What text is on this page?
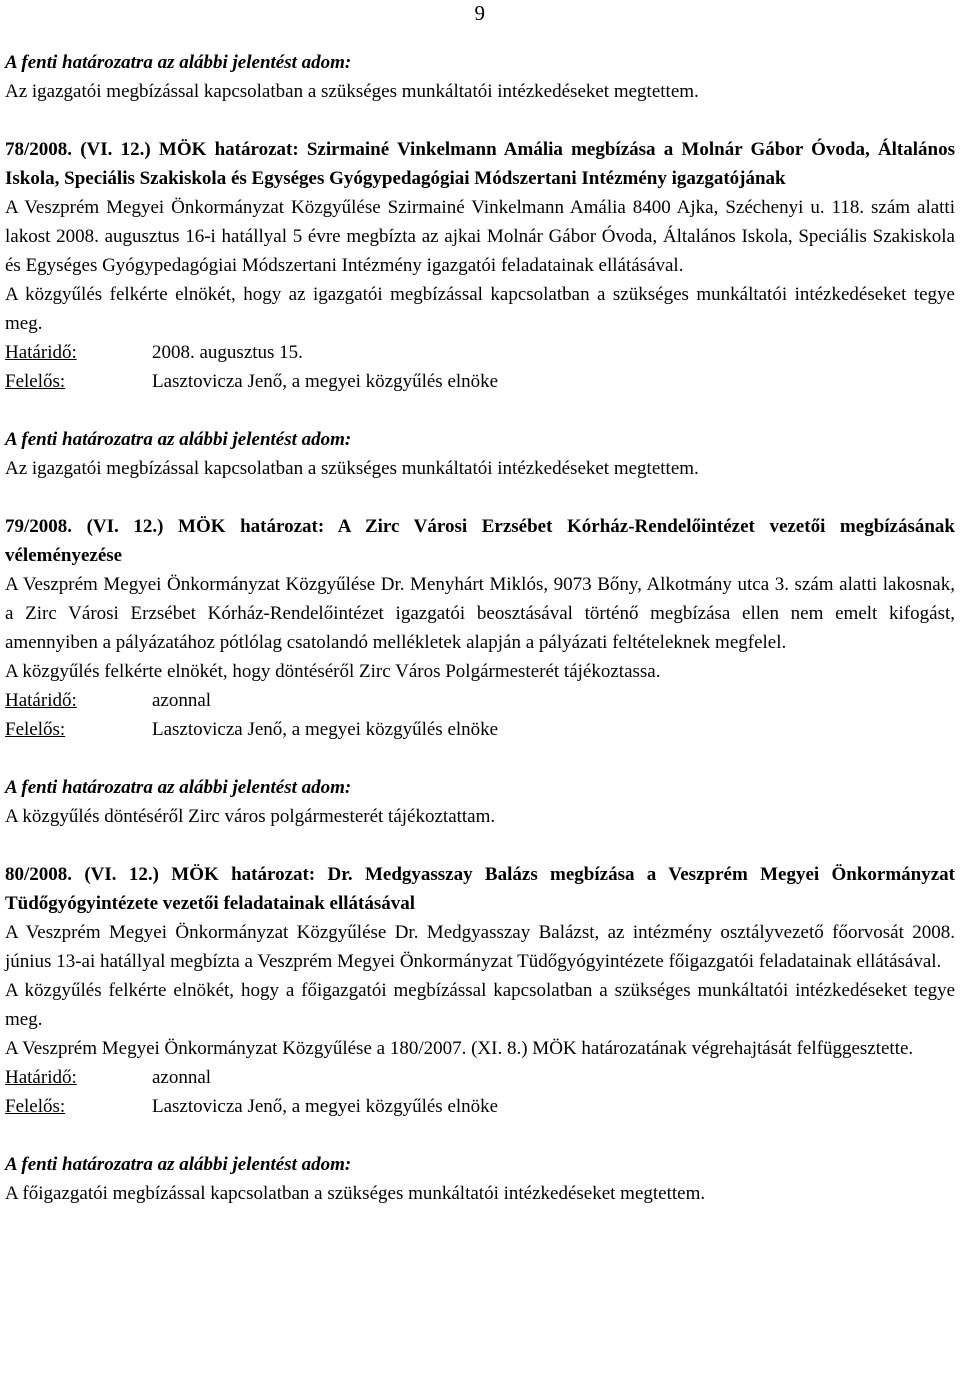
9
A fenti határozatra az alábbi jelentést adom:
Az igazgatói megbízással kapcsolatban a szükséges munkáltatói intézkedéseket megtettem.
78/2008. (VI. 12.) MÖK határozat: Szirmainé Vinkelmann Amália megbízása a Molnár Gábor Óvoda, Általános Iskola, Speciális Szakiskola és Egységes Gyógypedagógiai Módszertani Intézmény igazgatójának
A Veszprém Megyei Önkormányzat Közgyűlése Szirmainé Vinkelmann Amália 8400 Ajka, Széchenyi u. 118. szám alatti lakost 2008. augusztus 16-i hatállyal 5 évre megbízta az ajkai Molnár Gábor Óvoda, Általános Iskola, Speciális Szakiskola és Egységes Gyógypedagógiai Módszertani Intézmény igazgatói feladatainak ellátásával.
A közgyűlés felkérte elnökét, hogy az igazgatói megbízással kapcsolatban a szükséges munkáltatói intézkedéseket tegye meg.
Határidő:	2008. augusztus 15.
Felelős:	Lasztovicza Jenő, a megyei közgyűlés elnöke
A fenti határozatra az alábbi jelentést adom:
Az igazgatói megbízással kapcsolatban a szükséges munkáltatói intézkedéseket megtettem.
79/2008. (VI. 12.) MÖK határozat: A Zirc Városi Erzsébet Kórház-Rendelőintézet vezetői megbízásának véleményezése
A Veszprém Megyei Önkormányzat Közgyűlése Dr. Menyhárt Miklós, 9073 Bőny, Alkotmány utca 3. szám alatti lakosnak, a Zirc Városi Erzsébet Kórház-Rendelőintézet igazgatói beosztásával történő megbízása ellen nem emelt kifogást, amennyiben a pályázatához pótlólag csatolandó mellékletek alapján a pályázati feltételeknek megfelel.
A közgyűlés felkérte elnökét, hogy döntéséről Zirc Város Polgármesterét tájékoztassa.
Határidő:	azonnal
Felelős:	Lasztovicza Jenő, a megyei közgyűlés elnöke
A fenti határozatra az alábbi jelentést adom:
A közgyűlés döntéséről Zirc város polgármesterét tájékoztattam.
80/2008. (VI. 12.) MÖK határozat: Dr. Medgyasszay Balázs megbízása a Veszprém Megyei Önkormányzat Tüdőgyógyintézete vezetői feladatainak ellátásával
A Veszprém Megyei Önkormányzat Közgyűlése Dr. Medgyasszay Balázst, az intézmény osztályvezető főorvosát 2008. június 13-ai hatállyal megbízta a Veszprém Megyei Önkormányzat Tüdőgyógyintézete főigazgatói feladatainak ellátásával.
A közgyűlés felkérte elnökét, hogy a főigazgatói megbízással kapcsolatban a szükséges munkáltatói intézkedéseket tegye meg.
A Veszprém Megyei Önkormányzat Közgyűlése a 180/2007. (XI. 8.) MÖK határozatának végrehajtását felfüggesztette.
Határidő:	azonnal
Felelős:	Lasztovicza Jenő, a megyei közgyűlés elnöke
A fenti határozatra az alábbi jelentést adom:
A főigazgatói megbízással kapcsolatban a szükséges munkáltatói intézkedéseket megtettem.
